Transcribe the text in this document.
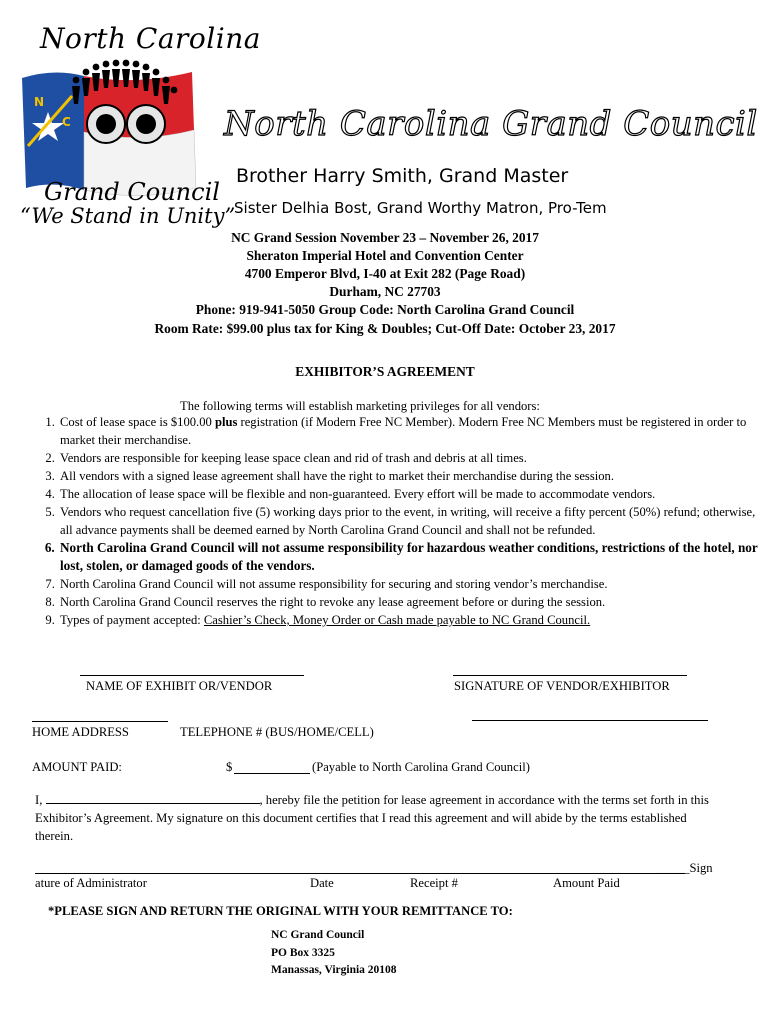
N
C
North Carolina
Grand Council
“We Stand in Unity”
North Carolina Grand Council
Brother Harry Smith, Grand Master
Sister Delhia Bost, Grand Worthy Matron, Pro-Tem
NC Grand Session November 23 – November 26, 2017
Sheraton Imperial Hotel and Convention Center
4700 Emperor Blvd, I-40 at Exit 282 (Page Road)
Durham, NC 27703
Phone: 919-941-5050 Group Code: North Carolina Grand Council
Room Rate: $99.00 plus tax for King & Doubles; Cut-Off Date: October 23, 2017
EXHIBITOR’S AGREEMENT
The following terms will establish marketing privileges for all vendors:
1. Cost of lease space is $100.00 plus registration (if Modern Free NC Member). Modern Free NC Members must be registered in order to market their merchandise.
2. Vendors are responsible for keeping lease space clean and rid of trash and debris at all times.
3. All vendors with a signed lease agreement shall have the right to market their merchandise during the session.
4. The allocation of lease space will be flexible and non-guaranteed. Every effort will be made to accommodate vendors.
5. Vendors who request cancellation five (5) working days prior to the event, in writing, will receive a fifty percent (50%) refund; otherwise, all advance payments shall be deemed earned by North Carolina Grand Council and shall not be refunded.
6. North Carolina Grand Council will not assume responsibility for hazardous weather conditions, restrictions of the hotel, nor lost, stolen, or damaged goods of the vendors.
7. North Carolina Grand Council will not assume responsibility for securing and storing vendor’s merchandise.
8. North Carolina Grand Council reserves the right to revoke any lease agreement before or during the session.
9. Types of payment accepted: Cashier’s Check, Money Order or Cash made payable to NC Grand Council.
NAME OF EXHIBIT OR/VENDOR	SIGNATURE OF VENDOR/EXHIBITOR
HOME ADDRESS	TELEPHONE # (BUS/HOME/CELL)
AMOUNT PAID:	$	(Payable to North Carolina Grand Council)
I,	, hereby file the petition for lease agreement in accordance with the terms set forth in this Exhibitor’s Agreement. My signature on this document certifies that I read this agreement and will abide by the terms established therein.
_____Sign
ature of Administrator	Date	Receipt #	Amount Paid
*PLEASE SIGN AND RETURN THE ORIGINAL WITH YOUR REMITTANCE TO:
NC Grand Council
PO Box 3325
Manassas, Virginia 20108
